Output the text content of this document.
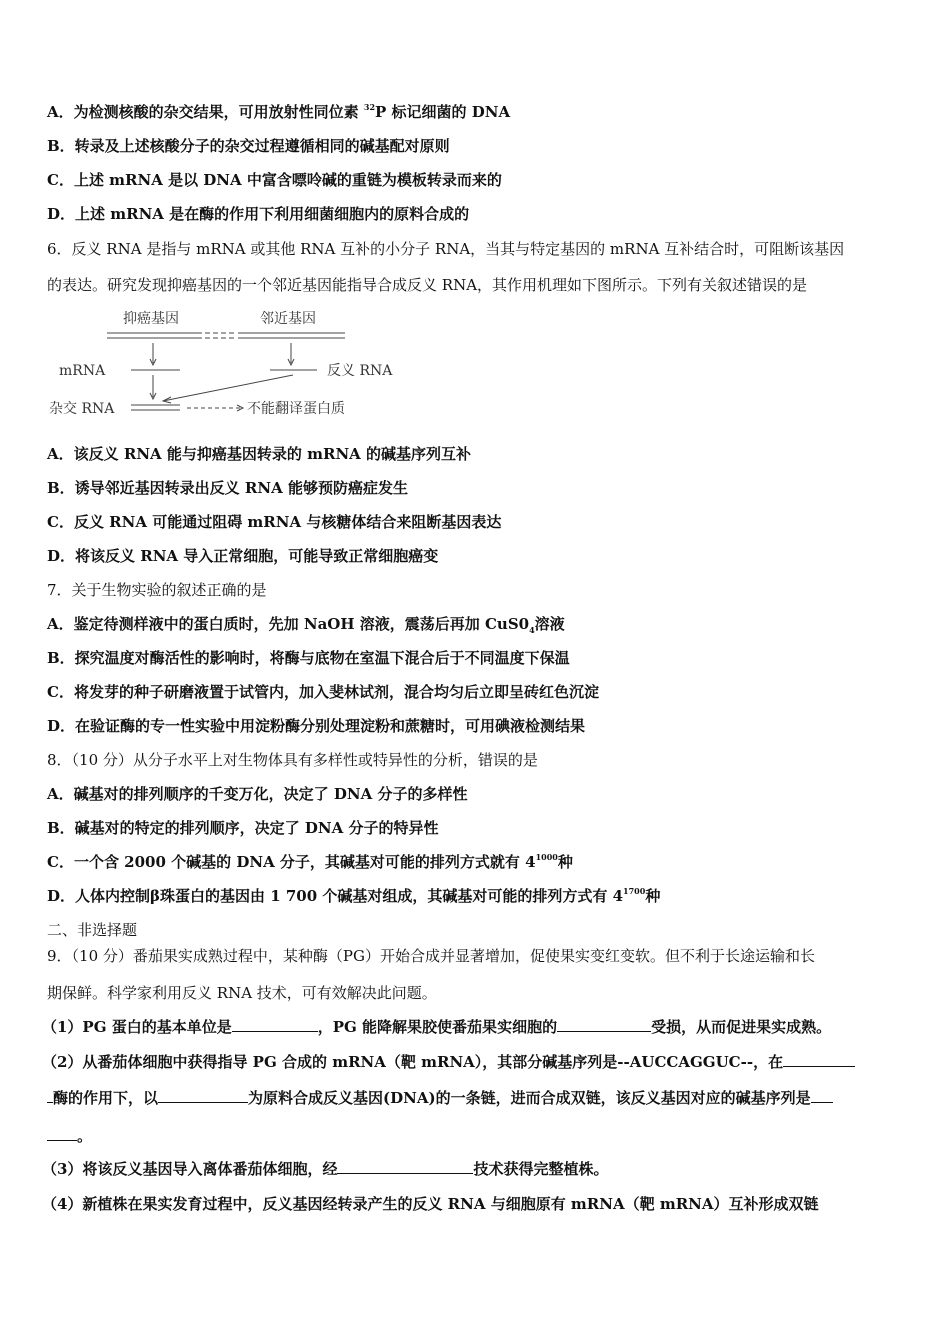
A．为检测核酸的杂交结果，可用放射性同位素 $^{32}$P 标记细菌的 DNA
B．转录及上述核酸分子的杂交过程遵循相同的碱基配对原则
C．上述 mRNA 是以 DNA 中富含嘌呤碱的重链为模板转录而来的
D．上述 mRNA 是在酶的作用下利用细菌细胞内的原料合成的
6．反义 RNA 是指与 mRNA 或其他 RNA 互补的小分子 RNA，当其与特定基因的 mRNA 互补结合时，可阻断该基因
的表达。研究发现抑癌基因的一个邻近基因能指导合成反义 RNA，其作用机理如下图所示。下列有关叙述错误的是
抑癌基因	邻近基因
mRNA	反义 RNA
杂交 RNA	不能翻译蛋白质
A．该反义 RNA 能与抑癌基因转录的 mRNA 的碱基序列互补
B．诱导邻近基因转录出反义 RNA 能够预防癌症发生
C．反义 RNA 可能通过阻碍 mRNA 与核糖体结合来阻断基因表达
D．将该反义 RNA 导入正常细胞，可能导致正常细胞癌变
7．关于生物实验的叙述正确的是
A．鉴定待测样液中的蛋白质时，先加 NaOH 溶液，震荡后再加 $CuS0_4$溶液
B．探究温度对酶活性的影响时，将酶与底物在室温下混合后于不同温度下保温
C．将发芽的种子研磨液置于试管内，加入斐林试剂，混合均匀后立即呈砖红色沉淀
D．在验证酶的专一性实验中用淀粉酶分别处理淀粉和蔗糖时，可用碘液检测结果
8．（10 分）从分子水平上对生物体具有多样性或特异性的分析，错误的是
A．碱基对的排列顺序的千变万化，决定了 DNA 分子的多样性
B．碱基对的特定的排列顺序，决定了 DNA 分子的特异性
C．一个含 2000 个碱基的 DNA 分子，其碱基对可能的排列方式就有 $4^{1000}$种
D．人体内控制β珠蛋白的基因由 1 700 个碱基对组成，其碱基对可能的排列方式有 $4^{1700}$种
二、非选择题
9．（10 分）番茄果实成熟过程中，某种酶（PG）开始合成并显著增加，促使果实变红变软。但不利于长途运输和长
期保鲜。科学家利用反义 RNA 技术，可有效解决此问题。
（1）PG 蛋白的基本单位是	，PG 能降解果胶使番茄果实细胞的	受损，从而促进果实成熟。
（2）从番茄体细胞中获得指导 PG 合成的 mRNA（靶 mRNA），其部分碱基序列是--AUCCAGGUC--，在
酶的作用下，以	为原料合成反义基因(DNA)的一条链，进而合成双链，该反义基因对应的碱基序列是
。
（3）将该反义基因导入离体番茄体细胞，经	技术获得完整植株。
（4）新植株在果实发育过程中，反义基因经转录产生的反义 RNA 与细胞原有 mRNA（靶 mRNA）互补形成双链
